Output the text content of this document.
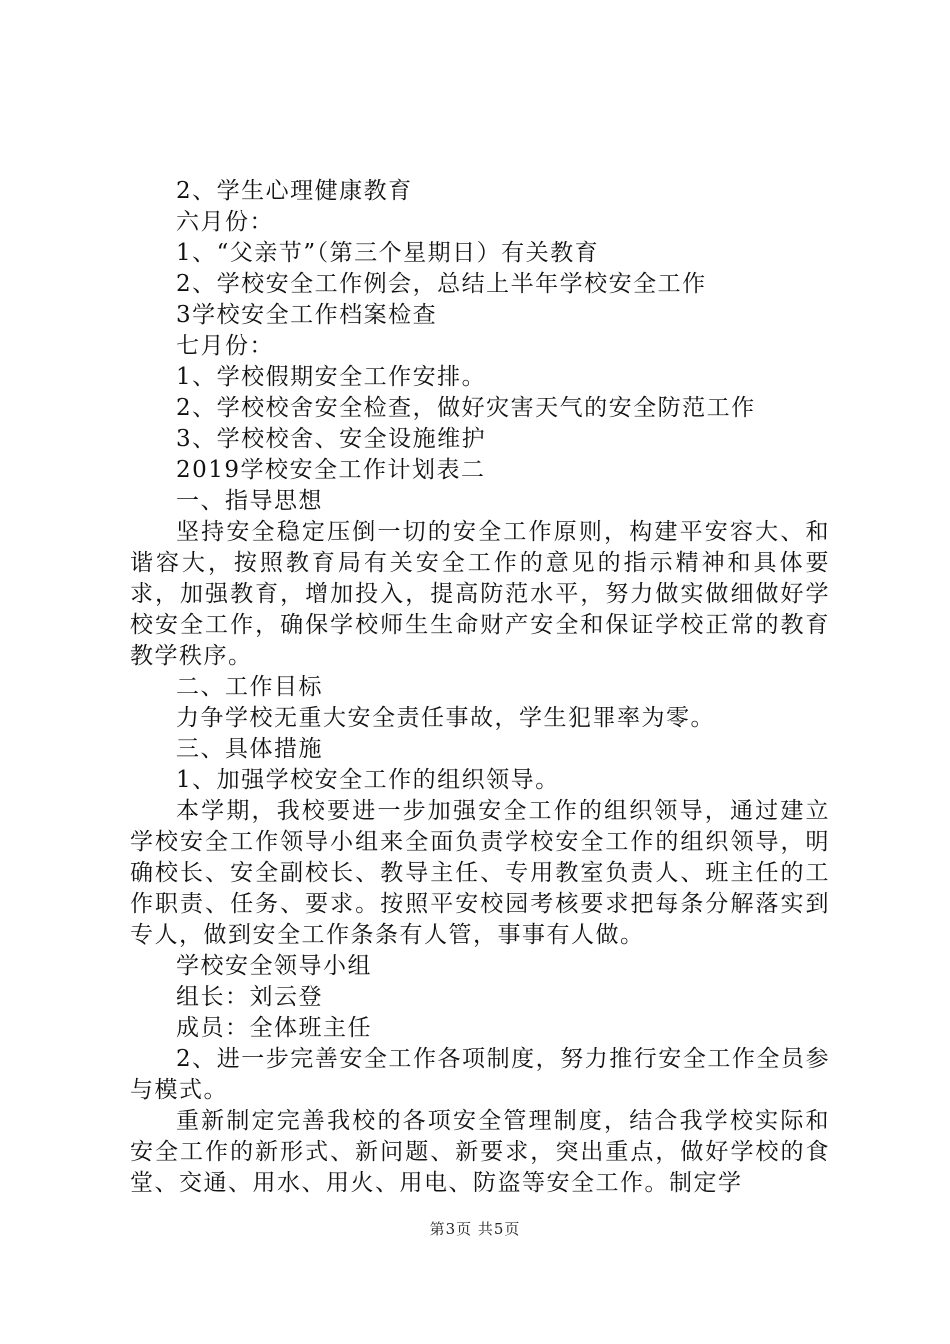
2、学生心理健康教育
六月份：
1、“父亲节”（第三个星期日）有关教育
2、学校安全工作例会，总结上半年学校安全工作
3学校安全工作档案检查
七月份：
1、学校假期安全工作安排。
2、学校校舍安全检查，做好灾害天气的安全防范工作
3、学校校舍、安全设施维护
2019学校安全工作计划表二
一、指导思想

坚持安全稳定压倒一切的安全工作原则，构建平安容大、和谐容大，按照教育局有关安全工作的意见的指示精神和具体要求，加强教育，增加投入，提高防范水平，努力做实做细做好学校安全工作，确保学校师生生命财产安全和保证学校正常的教育教学秩序。

二、工作目标
力争学校无重大安全责任事故，学生犯罪率为零。
三、具体措施
1、加强学校安全工作的组织领导。

本学期，我校要进一步加强安全工作的组织领导，通过建立学校安全工作领导小组来全面负责学校安全工作的组织领导，明确校长、安全副校长、教导主任、专用教室负责人、班主任的工作职责、任务、要求。按照平安校园考核要求把每条分解落实到专人，做到安全工作条条有人管，事事有人做。

学校安全领导小组
组长：刘云登
成员：全体班主任

2、进一步完善安全工作各项制度，努力推行安全工作全员参与模式。

重新制定完善我校的各项安全管理制度，结合我学校实际和安全工作的新形式、新问题、新要求，突出重点，做好学校的食堂、交通、用水、用火、用电、防盗等安全工作。制定学

第3页 共5页
